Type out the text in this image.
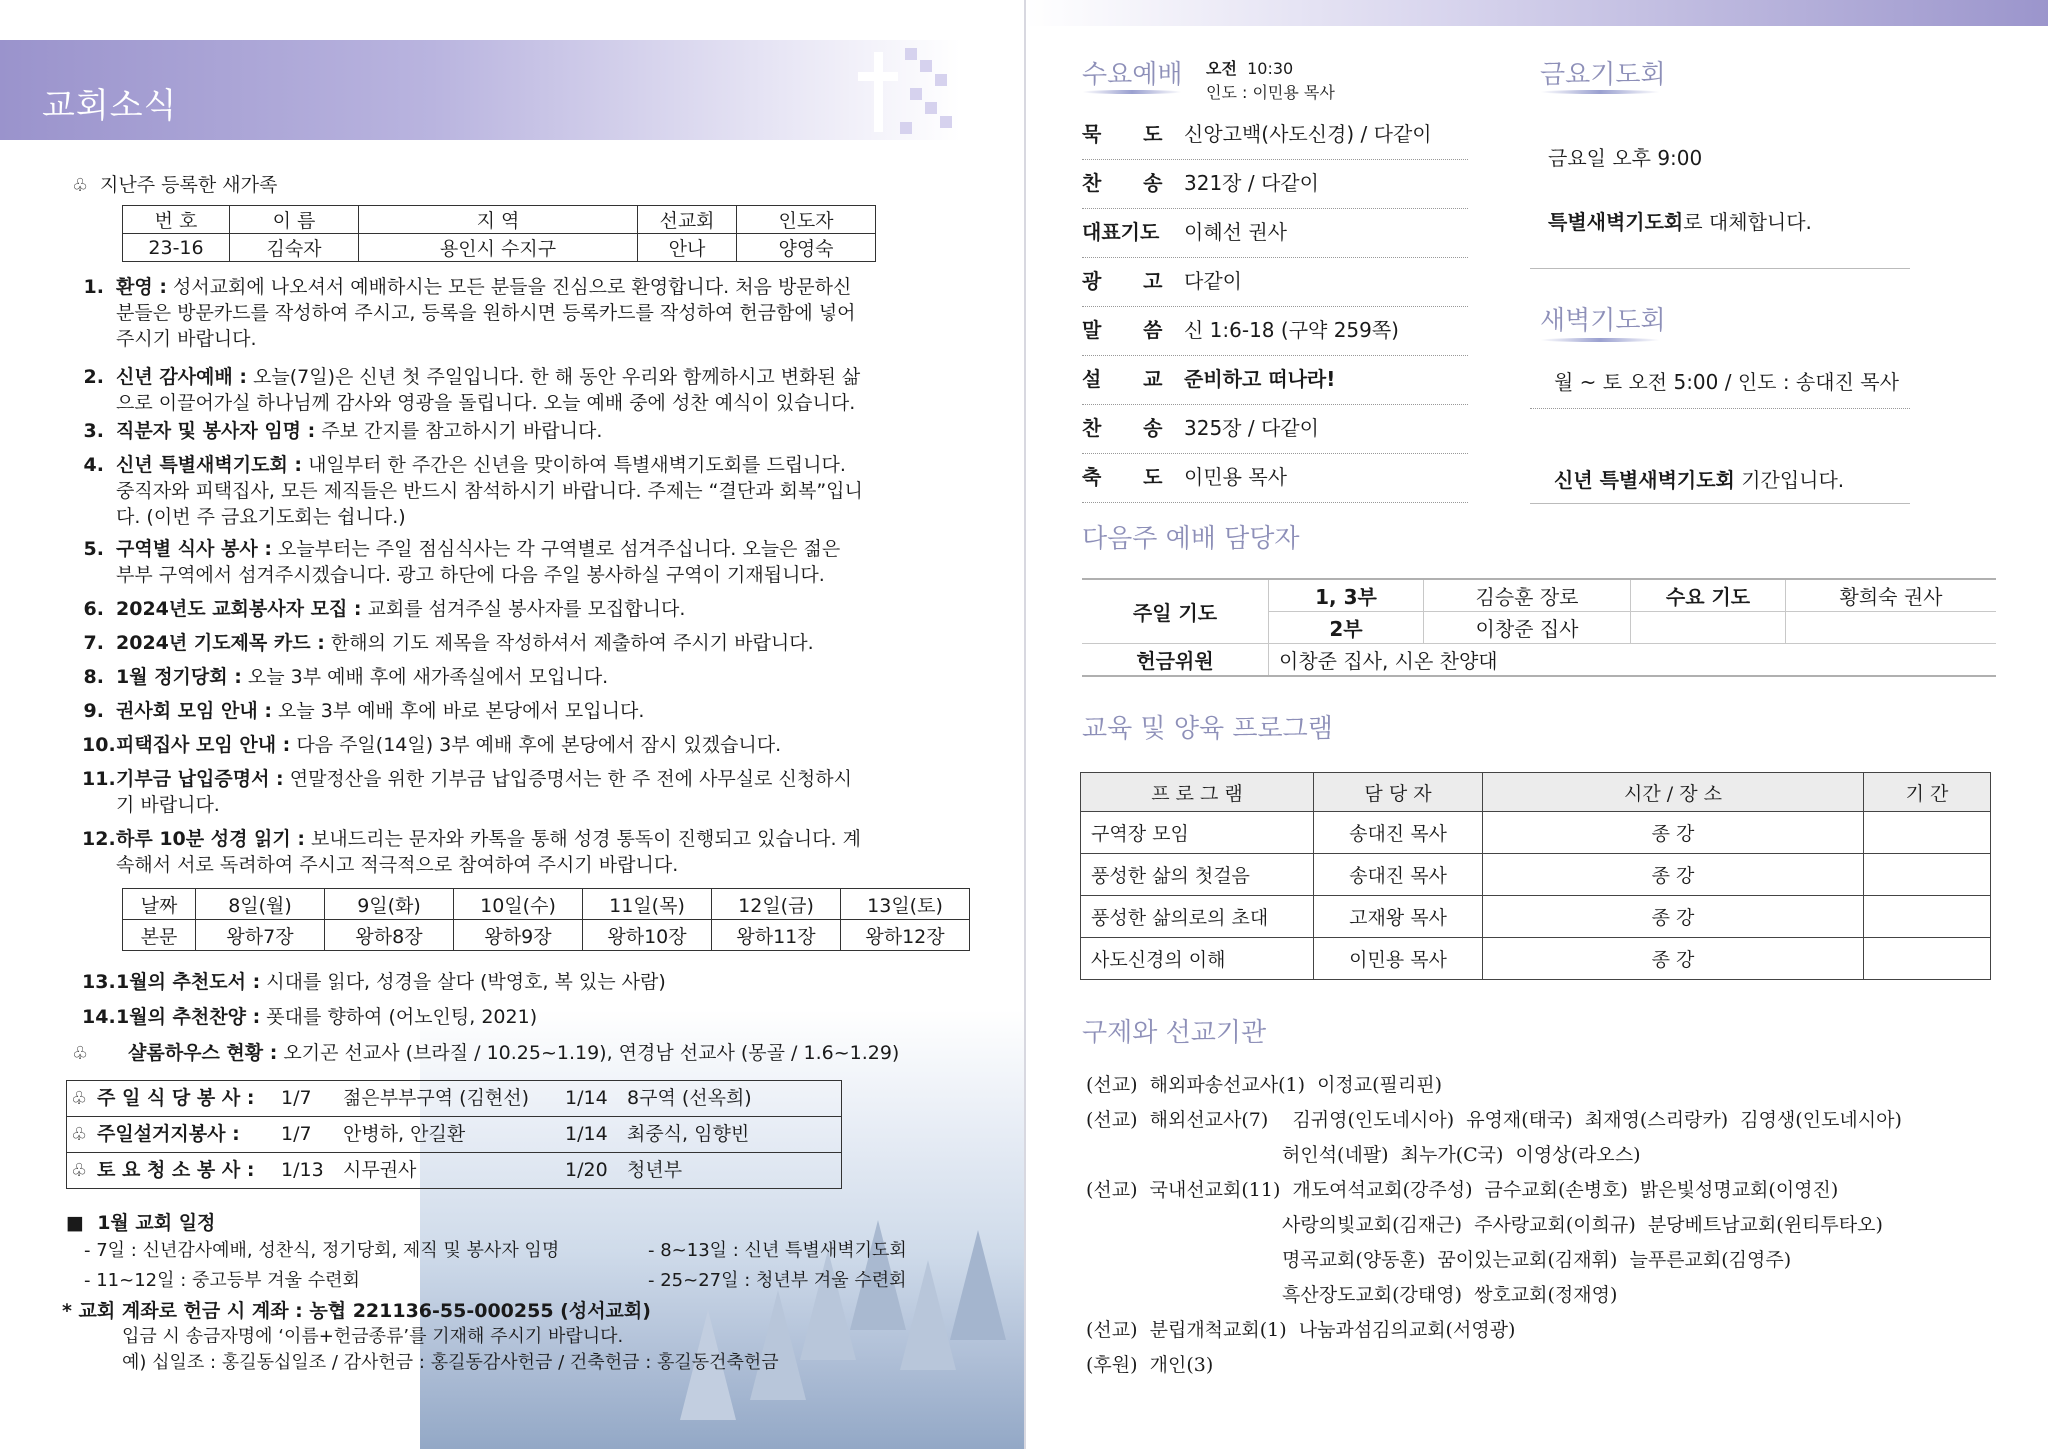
교회소식
♧ 지난주 등록한 새가족
번 호	이 름	지 역	선교회	인도자
23-16	김숙자	용인시 수지구	안나	양영숙
날짜	8일(월)	9일(화)	10일(수)	11일(목)	12일(금)	13일(토)
본문	왕하7장	왕하8장	왕하9장	왕하10장	왕하11장	왕하12장
13. 1월의 추천도서 : 시대를 읽다, 성경을 살다 (박영호, 복 있는 사람)
14. 1월의 추천찬양 : 폿대를 향하여 (어노인팅, 2021)
♧ 샬롬하우스 현황 : 오기곤 선교사 (브라질 / 10.25~1.19), 연경남 선교사 (몽골 / 1.6~1.29)
♧ 주 일 식 당 봉 사 : 1/7 젊은부부구역 (김현선) 1/14 8구역 (선옥희)
♧ 주일설거지봉사 : 1/7 안병하, 안길환	1/14 최중식, 임향빈
♧ 토 요 청 소 봉 사 : 1/13 시무권사	1/20 청년부
■ 1월 교회 일정
- 7일 : 신년감사예배, 성찬식, 정기당회, 제직 및 봉사자 임명	- 8~13일 : 신년 특별새벽기도회
- 11~12일 : 중고등부 겨울 수련회	- 25~27일 : 청년부 겨울 수련회
* 교회 계좌로 헌금 시 계좌 : 농협 221136-55-000255 (성서교회)
입금 시 송금자명에 ‘이름+헌금종류’를 기재해 주시기 바랍니다.
예) 십일조 : 홍길동십일조 / 감사헌금 : 홍길동감사헌금 / 건축헌금 : 홍길동건축헌금
1. 환영 : 성서교회에 나오셔서 예배하시는 모든 분들을 진심으로 환영합니다. 처음 방문하신
분들은 방문카드를 작성하여 주시고, 등록을 원하시면 등록카드를 작성하여 헌금함에 넣어
주시기 바랍니다.
2. 신년 감사예배 : 오늘(7일)은 신년 첫 주일입니다. 한 해 동안 우리와 함께하시고 변화된 삶
으로 이끌어가실 하나님께 감사와 영광을 돌립니다. 오늘 예배 중에 성찬 예식이 있습니다.
3. 직분자 및 봉사자 임명 : 주보 간지를 참고하시기 바랍니다.
4. 신년 특별새벽기도회 : 내일부터 한 주간은 신년을 맞이하여 특별새벽기도회를 드립니다.
중직자와 피택집사, 모든 제직들은 반드시 참석하시기 바랍니다. 주제는 “결단과 회복”입니
다. (이번 주 금요기도회는 쉽니다.)
5. 구역별 식사 봉사 : 오늘부터는 주일 점심식사는 각 구역별로 섬겨주십니다. 오늘은 젊은
부부 구역에서 섬겨주시겠습니다. 광고 하단에 다음 주일 봉사하실 구역이 기재됩니다.
6. 2024년도 교회봉사자 모집 : 교회를 섬겨주실 봉사자를 모집합니다.
7. 2024년 기도제목 카드 : 한해의 기도 제목을 작성하셔서 제출하여 주시기 바랍니다.
8. 1월 정기당회 : 오늘 3부 예배 후에 새가족실에서 모입니다.
9. 권사회 모임 안내 : 오늘 3부 예배 후에 바로 본당에서 모입니다.
10. 피택집사 모임 안내 : 다음 주일(14일) 3부 예배 후에 본당에서 잠시 있겠습니다.
11. 기부금 납입증명서 : 연말정산을 위한 기부금 납입증명서는 한 주 전에 사무실로 신청하시
기 바랍니다.
12. 하루 10분 성경 읽기 : 보내드리는 문자와 카톡을 통해 성경 통독이 진행되고 있습니다. 계
속해서 서로 독려하여 주시고 적극적으로 참여하여 주시기 바랍니다.
수요예배 오전 10:30
인도 : 이민용 목사
금요기도회
금요일 오후 9:00
특별새벽기도회로 대체합니다.
새벽기도회
월 ~ 토 오전 5:00 / 인도 : 송대진 목사
신년 특별새벽기도회 기간입니다.
다음주 예배 담당자
주일 기도	1, 3부	김승훈 장로	수요 기도	황희숙 권사
	2부	이창준 집사		
헌금위원	이창준 집사, 시온 찬양대			
교육 및 양육 프로그램
프 로 그 램	담 당 자	시간 / 장 소	기 간
구역장 모임	송대진 목사	종 강	
풍성한 삶의 첫걸음	송대진 목사	종 강	
풍성한 삶의로의 초대	고재왕 목사	종 강	
사도신경의 이해	이민용 목사	종 강	
구제와 선교기관
묵      도 신앙고백(사도신경) / 다같이
찬      송 321장 / 다같이
대표기도 이혜선 권사
광      고 다같이
말      씀 신 1:6-18 (구약 259쪽)
설      교 준비하고 떠나라!
찬      송 325장 / 다같이
축      도 이민용 목사
(선교)  해외파송선교사(1)  이정교(필리핀)
(선교)  해외선교사(7)    김귀영(인도네시아)  유영재(태국)  최재영(스리랑카)  김영생(인도네시아)
허인석(네팔)  최누가(C국)  이영상(라오스)
(선교)  국내선교회(11)  개도여석교회(강주성)  금수교회(손병호)  밝은빛성명교회(이영진)
사랑의빛교회(김재근)  주사랑교회(이희규)  분당베트남교회(윈티투타오)
명곡교회(양동훈)  꿈이있는교회(김재휘)  늘푸른교회(김영주)
흑산장도교회(강태영)  쌍호교회(정재영)
(선교)  분립개척교회(1)  나눔과섬김의교회(서영광)
(후원)  개인(3)
